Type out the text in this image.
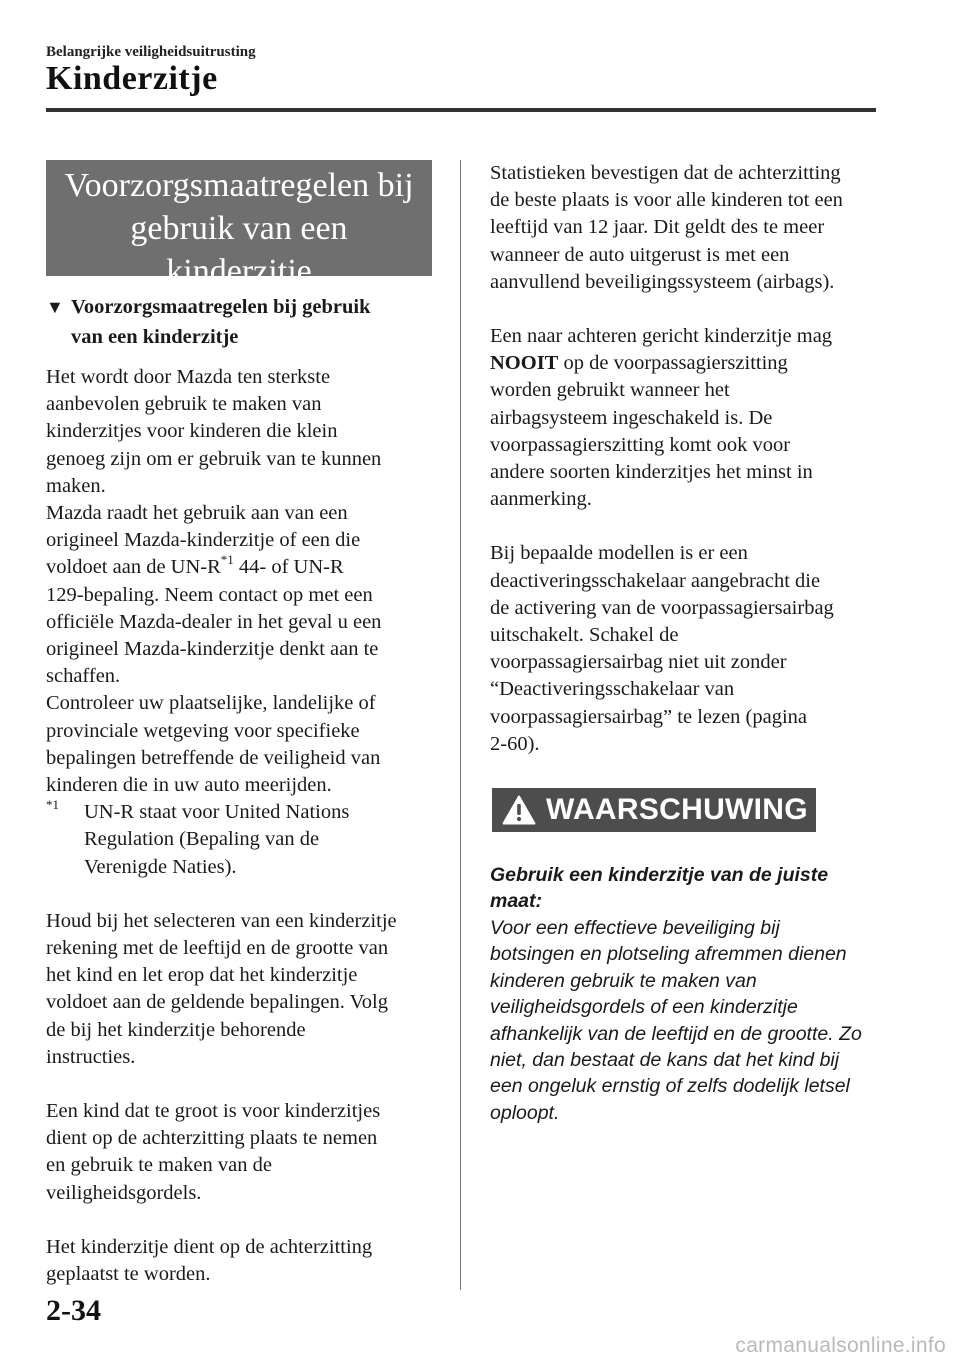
Belangrijke veiligheidsuitrusting
Kinderzitje
Voorzorgsmaatregelen bij
gebruik van een
kinderzitje
▼ Voorzorgsmaatregelen bij gebruik
van een kinderzitje

Het wordt door Mazda ten sterkste

aanbevolen gebruik te maken van

kinderzitjes voor kinderen die klein

genoeg zijn om er gebruik van te kunnen

maken.

Mazda raadt het gebruik aan van een

origineel Mazda-kinderzitje of een die

voldoet aan de $UN-R^{*1}$ 44- of UN-R

129-bepaling. Neem contact op met een

officiële Mazda-dealer in het geval u een

origineel Mazda-kinderzitje denkt aan te

schaffen.

Controleer uw plaatselijke, landelijke of

provinciale wetgeving voor specifieke

bepalingen betreffende de veiligheid van

kinderen die in uw auto meerijden.

$^{*1}$ UN-R staat voor United Nations
Regulation (Bepaling van de
Verenigde Naties).

Houd bij het selecteren van een kinderzitje

rekening met de leeftijd en de grootte van

het kind en let erop dat het kinderzitje

voldoet aan de geldende bepalingen. Volg

de bij het kinderzitje behorende

instructies.

Een kind dat te groot is voor kinderzitjes

dient op de achterzitting plaats te nemen

en gebruik te maken van de

veiligheidsgordels.

Het kinderzitje dient op de achterzitting

geplaatst te worden.

Statistieken bevestigen dat de achterzitting

de beste plaats is voor alle kinderen tot een

leeftijd van 12 jaar. Dit geldt des te meer

wanneer de auto uitgerust is met een

aanvullend beveiligingssysteem (airbags).

Een naar achteren gericht kinderzitje mag

NOOIT op de voorpassagierszitting

worden gebruikt wanneer het

airbagsysteem ingeschakeld is. De

voorpassagierszitting komt ook voor

andere soorten kinderzitjes het minst in

aanmerking.

Bij bepaalde modellen is er een

deactiveringsschakelaar aangebracht die

de activering van de voorpassagiersairbag

uitschakelt. Schakel de

voorpassagiersairbag niet uit zonder

“Deactiveringsschakelaar van

voorpassagiersairbag” te lezen (pagina

2-60).

WAARSCHUWING
Gebruik een kinderzitje van de juiste maat:
Voor een effectieve beveiliging bij
botsingen en plotseling afremmen dienen
kinderen gebruik te maken van
veiligheidsgordels of een kinderzitje
afhankelijk van de leeftijd en de grootte. Zo
niet, dan bestaat de kans dat het kind bij
een ongeluk ernstig of zelfs dodelijk letsel
oploopt.
2-34
carmanualsonline.info
